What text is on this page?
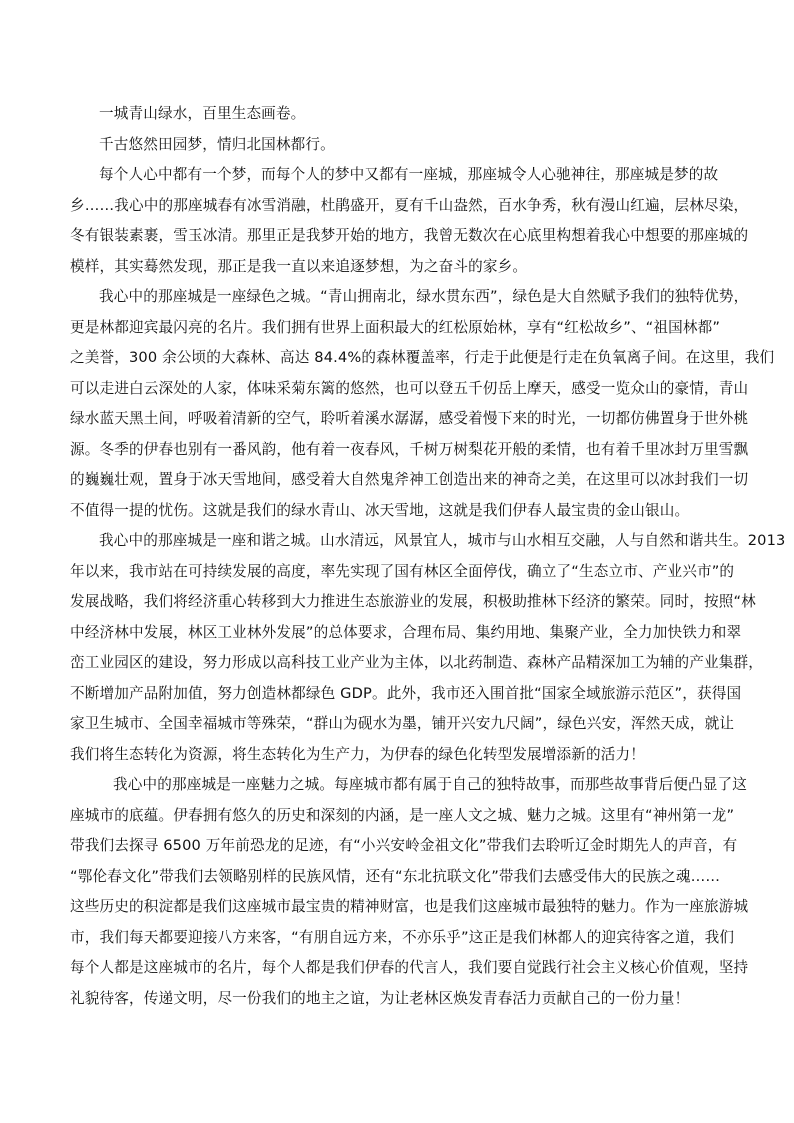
一城青山绿水，百里生态画卷。
千古悠然田园梦，情归北国林都行。
每个人心中都有一个梦，而每个人的梦中又都有一座城，那座城令人心驰神往，那座城是梦的故
乡……我心中的那座城春有冰雪消融，杜鹃盛开，夏有千山盎然，百水争秀，秋有漫山红遍，层林尽染，
冬有银装素裹，雪玉冰清。那里正是我梦开始的地方，我曾无数次在心底里构想着我心中想要的那座城的
模样，其实蓦然发现，那正是我一直以来追逐梦想，为之奋斗的家乡。
我心中的那座城是一座绿色之城。“青山拥南北，绿水贯东西”，绿色是大自然赋予我们的独特优势，
更是林都迎宾最闪亮的名片。我们拥有世界上面积最大的红松原始林，享有“红松故乡”、“祖国林都”
之美誉，300 余公顷的大森林、高达 84.4%的森林覆盖率，行走于此便是行走在负氧离子间。在这里，我们
可以走进白云深处的人家，体味采菊东篱的悠然，也可以登五千仞岳上摩天，感受一览众山的豪情，青山
绿水蓝天黑土间，呼吸着清新的空气，聆听着溪水潺潺，感受着慢下来的时光，一切都仿佛置身于世外桃
源。冬季的伊春也别有一番风韵，他有着一夜春风，千树万树梨花开般的柔情，也有着千里冰封万里雪飘
的巍巍壮观，置身于冰天雪地间，感受着大自然鬼斧神工创造出来的神奇之美，在这里可以冰封我们一切
不值得一提的忧伤。这就是我们的绿水青山、冰天雪地，这就是我们伊春人最宝贵的金山银山。
我心中的那座城是一座和谐之城。山水清远，风景宜人，城市与山水相互交融，人与自然和谐共生。2013
年以来，我市站在可持续发展的高度，率先实现了国有林区全面停伐，确立了“生态立市、产业兴市”的
发展战略，我们将经济重心转移到大力推进生态旅游业的发展，积极助推林下经济的繁荣。同时，按照“林
中经济林中发展，林区工业林外发展”的总体要求，合理布局、集约用地、集聚产业，全力加快铁力和翠
峦工业园区的建设，努力形成以高科技工业产业为主体，以北药制造、森林产品精深加工为辅的产业集群，
不断增加产品附加值，努力创造林都绿色 GDP。此外，我市还入围首批“国家全域旅游示范区”，获得国
家卫生城市、全国幸福城市等殊荣，“群山为砚水为墨，铺开兴安九尺阔”，绿色兴安，浑然天成，就让
我们将生态转化为资源，将生态转化为生产力，为伊春的绿色化转型发展增添新的活力！
我心中的那座城是一座魅力之城。每座城市都有属于自己的独特故事，而那些故事背后便凸显了这
座城市的底蕴。伊春拥有悠久的历史和深刻的内涵，是一座人文之城、魅力之城。这里有“神州第一龙”
带我们去探寻 6500 万年前恐龙的足迹，有“小兴安岭金祖文化”带我们去聆听辽金时期先人的声音，有
“鄂伦春文化”带我们去领略别样的民族风情，还有“东北抗联文化”带我们去感受伟大的民族之魂……
这些历史的积淀都是我们这座城市最宝贵的精神财富，也是我们这座城市最独特的魅力。作为一座旅游城
市，我们每天都要迎接八方来客，“有朋自远方来，不亦乐乎”这正是我们林都人的迎宾待客之道，我们
每个人都是这座城市的名片，每个人都是我们伊春的代言人，我们要自觉践行社会主义核心价值观，坚持
礼貌待客，传递文明，尽一份我们的地主之谊，为让老林区焕发青春活力贡献自己的一份力量！
